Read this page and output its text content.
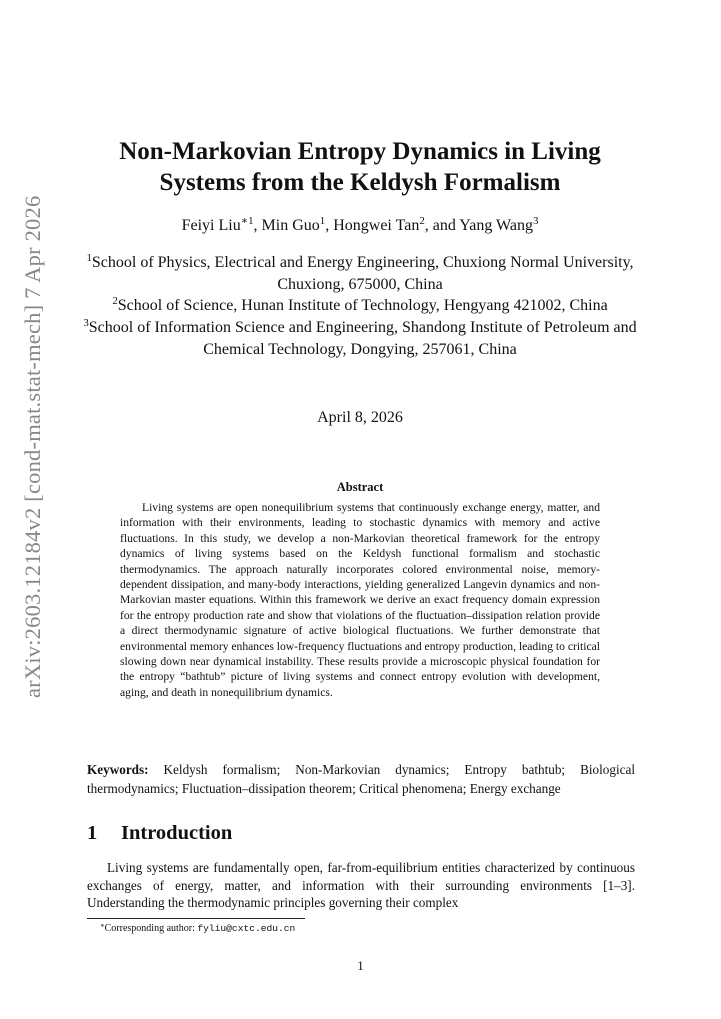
arXiv:2603.12184v2 [cond-mat.stat-mech] 7 Apr 2026
Non-Markovian Entropy Dynamics in Living
Systems from the Keldysh Formalism
Feiyi Liu$^{∗1}$, Min Guo$^1$, Hongwei Tan$^2$, and Yang Wang$^3$
$^1$School of Physics, Electrical and Energy Engineering, Chuxiong Normal University, Chuxiong, 675000, China
$^2$School of Science, Hunan Institute of Technology, Hengyang 421002, China
$^3$School of Information Science and Engineering, Shandong Institute of Petroleum and Chemical Technology, Dongying, 257061, China
April 8, 2026
Abstract
Living systems are open nonequilibrium systems that continuously exchange energy, matter, and information with their environments, leading to stochastic dynamics with memory and active fluctuations. In this study, we develop a non-Markovian theoretical framework for the entropy dynamics of living systems based on the Keldysh functional formalism and stochastic thermodynamics. The approach naturally incorporates colored environmental noise, memory-dependent dissipation, and many-body interactions, yielding generalized Langevin dynamics and non-Markovian master equations. Within this framework we derive an exact frequency domain expression for the entropy production rate and show that violations of the fluctuation–dissipation relation provide a direct thermodynamic signature of active biological fluctuations. We further demonstrate that environmental memory enhances low-frequency fluctuations and entropy production, leading to critical slowing down near dynamical instability. These results provide a microscopic physical foundation for the entropy “bathtub” picture of living systems and connect entropy evolution with development, aging, and death in nonequilibrium dynamics.
Keywords: Keldysh formalism; Non-Markovian dynamics; Entropy bathtub; Biological thermodynamics; Fluctuation–dissipation theorem; Critical phenomena; Energy exchange
1 Introduction
Living systems are fundamentally open, far-from-equilibrium entities characterized by continuous exchanges of energy, matter, and information with their surrounding environments [1–3]. Understanding the thermodynamic principles governing their complex
∗Corresponding author: fyliu@cxtc.edu.cn
1
